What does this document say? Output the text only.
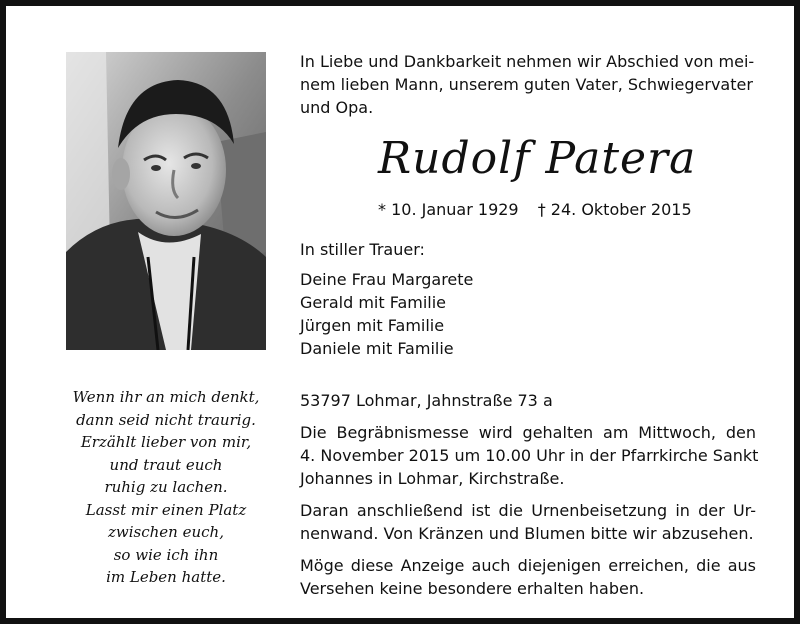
Wenn ihr an mich denkt,
dann seid nicht traurig.
Erzählt lieber von mir,
und traut euch
ruhig zu lachen.
Lasst mir einen Platz
zwischen euch,
so wie ich ihn
im Leben hatte.
In Liebe und Dankbarkeit nehmen wir Abschied von mei-
nem lieben Mann, unserem guten Vater, Schwiegervater
und Opa.
Rudolf Patera
* 10. Januar 1929 † 24. Oktober 2015
In stiller Trauer:
Deine Frau Margarete
Gerald mit Familie
Jürgen mit Familie
Daniele mit Familie
53797 Lohmar, Jahnstraße 73 a
Die Begräbnismesse wird gehalten am Mittwoch, den
4. November 2015 um 10.00 Uhr in der Pfarrkirche Sankt
Johannes in Lohmar, Kirchstraße.
Daran anschließend ist die Urnenbeisetzung in der Ur-
nenwand. Von Kränzen und Blumen bitte wir abzusehen.
Möge diese Anzeige auch diejenigen erreichen, die aus
Versehen keine besondere erhalten haben.
